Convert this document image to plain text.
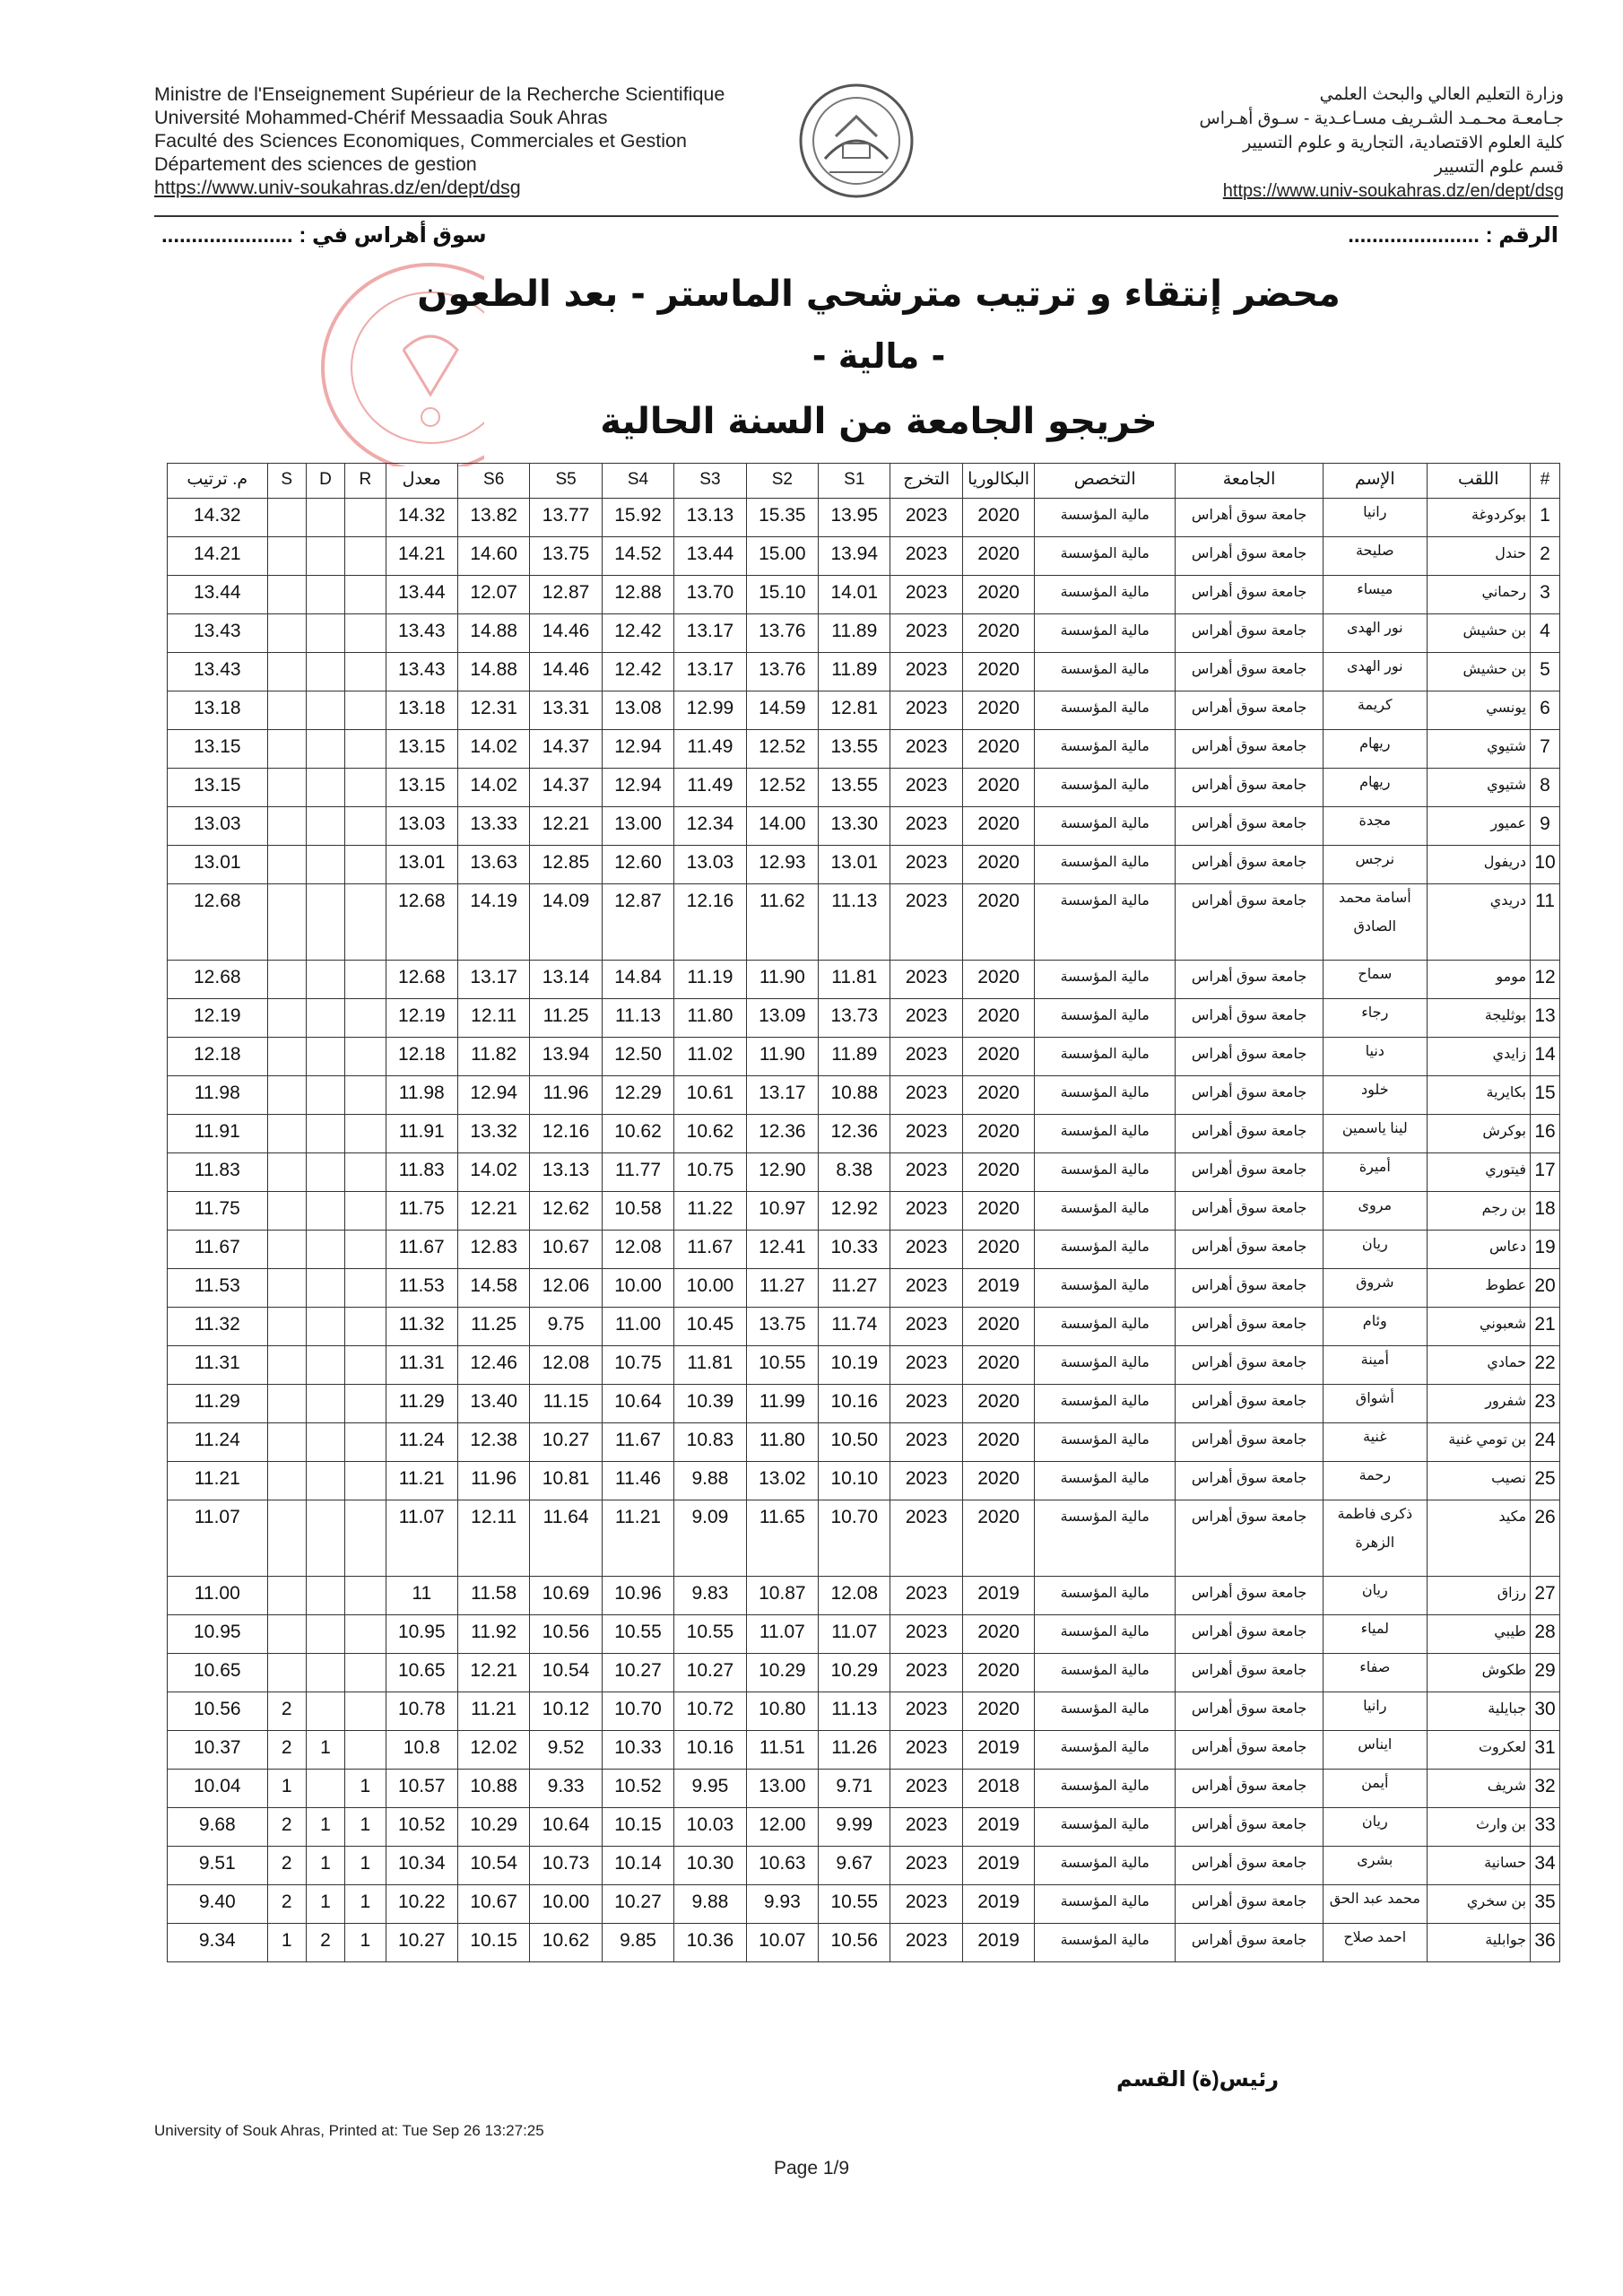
Ministre de l'Enseignement Supérieur de la Recherche Scientifique
Université Mohammed-Chérif Messaadia Souk Ahras
Faculté des Sciences Economiques, Commerciales et Gestion
Département des sciences de gestion
https://www.univ-soukahras.dz/en/dept/dsg
وزارة التعليم العالي والبحث العلمي
جـامعـة محـمـد الشـريف مسـاعـدية - سـوق أهـراس
كلية العلوم الاقتصادية، التجارية و علوم التسيير
قسم علوم التسيير
https://www.univ-soukahras.dz/en/dept/dsg
الرقم : ......................
سوق أهراس في : ......................
محضر إنتقاء و ترتيب مترشحي الماستر - بعد الطعون
- مالية -
خريجو الجامعة من السنة الحالية
#	اللقب	الإسم	الجامعة	التخصص	البكالوريا	التخرج	S1	S2	S3	S4	S5	S6	معدل	R	D	S	م. ترتيب
1	بوكردوغة	رانيا	جامعة سوق أهراس	مالية المؤسسة	2020	2023	13.95	15.35	13.13	15.92	13.77	13.82	14.32				14.32
2	حندل	صليحة	جامعة سوق أهراس	مالية المؤسسة	2020	2023	13.94	15.00	13.44	14.52	13.75	14.60	14.21				14.21
3	رحماني	ميساء	جامعة سوق أهراس	مالية المؤسسة	2020	2023	14.01	15.10	13.70	12.88	12.87	12.07	13.44				13.44
4	بن حشيش	نور الهدى	جامعة سوق أهراس	مالية المؤسسة	2020	2023	11.89	13.76	13.17	12.42	14.46	14.88	13.43				13.43
5	بن حشيش	نور الهدى	جامعة سوق أهراس	مالية المؤسسة	2020	2023	11.89	13.76	13.17	12.42	14.46	14.88	13.43				13.43
6	يونسي	كريمة	جامعة سوق أهراس	مالية المؤسسة	2020	2023	12.81	14.59	12.99	13.08	13.31	12.31	13.18				13.18
7	شتيوي	ريهام	جامعة سوق أهراس	مالية المؤسسة	2020	2023	13.55	12.52	11.49	12.94	14.37	14.02	13.15				13.15
8	شتيوي	ريهام	جامعة سوق أهراس	مالية المؤسسة	2020	2023	13.55	12.52	11.49	12.94	14.37	14.02	13.15				13.15
9	عميور	مجدة	جامعة سوق أهراس	مالية المؤسسة	2020	2023	13.30	14.00	12.34	13.00	12.21	13.33	13.03				13.03
10	دريفول	نرجس	جامعة سوق أهراس	مالية المؤسسة	2020	2023	13.01	12.93	13.03	12.60	12.85	13.63	13.01				13.01
11	دريدي	أسامة محمد الصادق	جامعة سوق أهراس	مالية المؤسسة	2020	2023	11.13	11.62	12.16	12.87	14.09	14.19	12.68				12.68
12	مومو	سماح	جامعة سوق أهراس	مالية المؤسسة	2020	2023	11.81	11.90	11.19	14.84	13.14	13.17	12.68				12.68
13	بوثليجة	رجاء	جامعة سوق أهراس	مالية المؤسسة	2020	2023	13.73	13.09	11.80	11.13	11.25	12.11	12.19				12.19
14	زايدي	دنيا	جامعة سوق أهراس	مالية المؤسسة	2020	2023	11.89	11.90	11.02	12.50	13.94	11.82	12.18				12.18
15	بكايرية	خلود	جامعة سوق أهراس	مالية المؤسسة	2020	2023	10.88	13.17	10.61	12.29	11.96	12.94	11.98				11.98
16	بوكرش	لينا ياسمين	جامعة سوق أهراس	مالية المؤسسة	2020	2023	12.36	12.36	10.62	10.62	12.16	13.32	11.91				11.91
17	فيتوري	أميرة	جامعة سوق أهراس	مالية المؤسسة	2020	2023	8.38	12.90	10.75	11.77	13.13	14.02	11.83				11.83
18	بن رجم	مروى	جامعة سوق أهراس	مالية المؤسسة	2020	2023	12.92	10.97	11.22	10.58	12.62	12.21	11.75				11.75
19	دعاس	ريان	جامعة سوق أهراس	مالية المؤسسة	2020	2023	10.33	12.41	11.67	12.08	10.67	12.83	11.67				11.67
20	عطوط	شروق	جامعة سوق أهراس	مالية المؤسسة	2019	2023	11.27	11.27	10.00	10.00	12.06	14.58	11.53				11.53
21	شعبوني	وئام	جامعة سوق أهراس	مالية المؤسسة	2020	2023	11.74	13.75	10.45	11.00	9.75	11.25	11.32				11.32
22	حمادي	أمينة	جامعة سوق أهراس	مالية المؤسسة	2020	2023	10.19	10.55	11.81	10.75	12.08	12.46	11.31				11.31
23	شفرور	أشواق	جامعة سوق أهراس	مالية المؤسسة	2020	2023	10.16	11.99	10.39	10.64	11.15	13.40	11.29				11.29
24	بن تومي غنية	غنية	جامعة سوق أهراس	مالية المؤسسة	2020	2023	10.50	11.80	10.83	11.67	10.27	12.38	11.24				11.24
25	نصيب	رحمة	جامعة سوق أهراس	مالية المؤسسة	2020	2023	10.10	13.02	9.88	11.46	10.81	11.96	11.21				11.21
26	مكيد	ذكرى فاطمة الزهرة	جامعة سوق أهراس	مالية المؤسسة	2020	2023	10.70	11.65	9.09	11.21	11.64	12.11	11.07				11.07
27	رزاق	ريان	جامعة سوق أهراس	مالية المؤسسة	2019	2023	12.08	10.87	9.83	10.96	10.69	11.58	11				11.00
28	طيبي	لمياء	جامعة سوق أهراس	مالية المؤسسة	2020	2023	11.07	11.07	10.55	10.55	10.56	11.92	10.95				10.95
29	طكوش	صفاء	جامعة سوق أهراس	مالية المؤسسة	2020	2023	10.29	10.29	10.27	10.27	10.54	12.21	10.65				10.65
30	جبايلية	رانيا	جامعة سوق أهراس	مالية المؤسسة	2020	2023	11.13	10.80	10.72	10.70	10.12	11.21	10.78			2	10.56
31	لعكروت	ايناس	جامعة سوق أهراس	مالية المؤسسة	2019	2023	11.26	11.51	10.16	10.33	9.52	12.02	10.8		1	2	10.37
32	شريف	أيمن	جامعة سوق أهراس	مالية المؤسسة	2018	2023	9.71	13.00	9.95	10.52	9.33	10.88	10.57	1		1	10.04
33	بن وارث	ريان	جامعة سوق أهراس	مالية المؤسسة	2019	2023	9.99	12.00	10.03	10.15	10.64	10.29	10.52	1	1	2	9.68
34	حسانية	بشرى	جامعة سوق أهراس	مالية المؤسسة	2019	2023	9.67	10.63	10.30	10.14	10.73	10.54	10.34	1	1	2	9.51
35	بن سخري	محمد عبد الحق	جامعة سوق أهراس	مالية المؤسسة	2019	2023	10.55	9.93	9.88	10.27	10.00	10.67	10.22	1	1	2	9.40
36	جوابلية	احمد صلاح	جامعة سوق أهراس	مالية المؤسسة	2019	2023	10.56	10.07	10.36	9.85	10.62	10.15	10.27	1	2	1	9.34
رئيس(ة) القسم
University of Souk Ahras, Printed at: Tue Sep 26 13:27:25
Page 1/9
